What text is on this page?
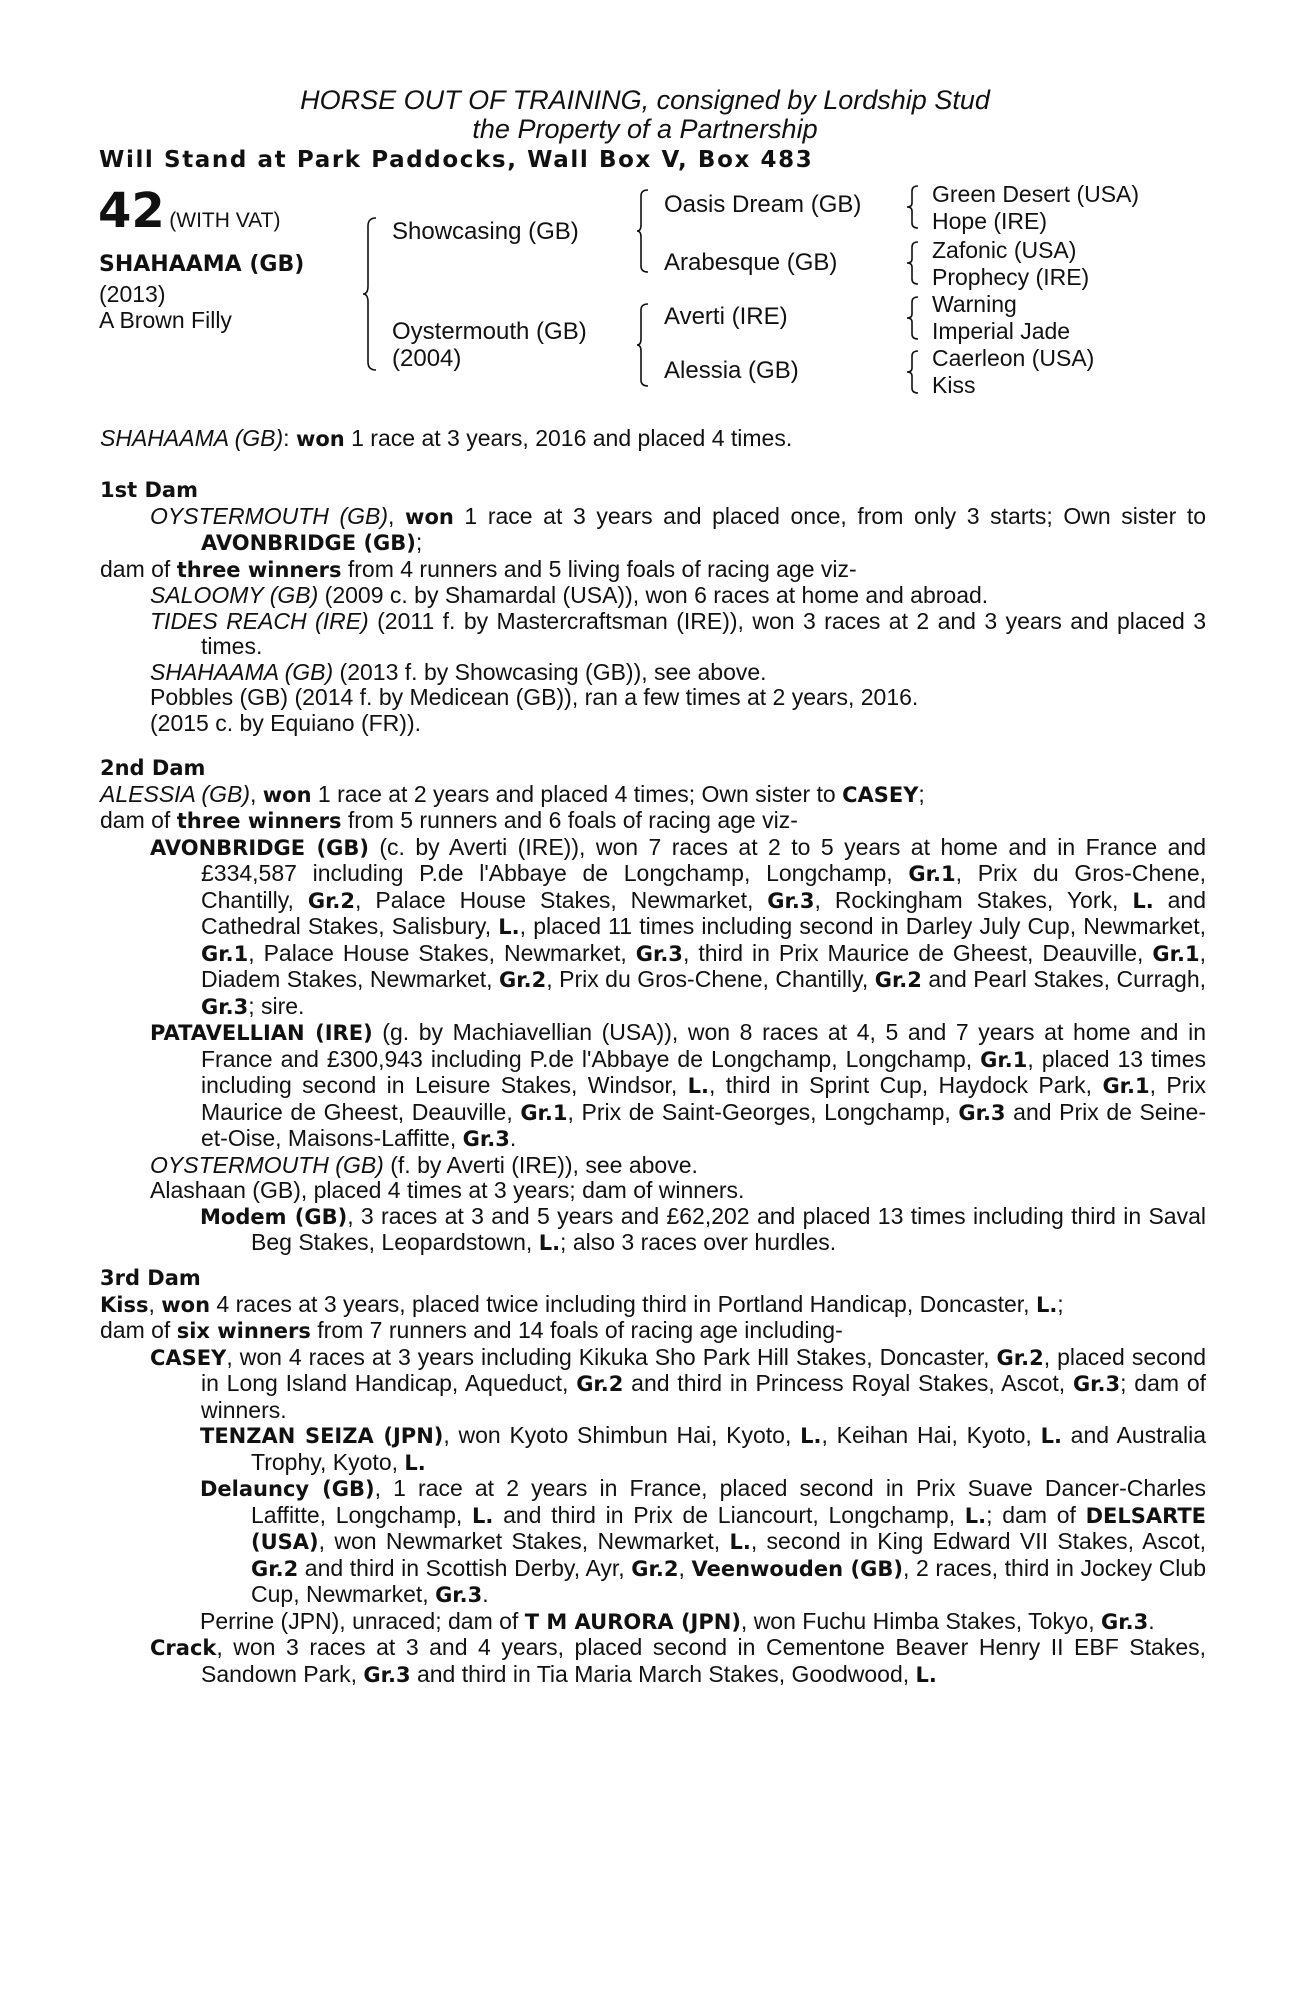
HORSE OUT OF TRAINING, consigned by Lordship Stud
the Property of a Partnership
Will Stand at Park Paddocks, Wall Box V, Box 483
42 (WITH VAT)
SHAHAAMA (GB)
(2013)
A Brown Filly
Showcasing (GB)
Oystermouth (GB)
(2004)
Oasis Dream (GB)
Arabesque (GB)
Averti (IRE)
Alessia (GB)
Green Desert (USA)
Hope (IRE)
Zafonic (USA)
Prophecy (IRE)
Warning
Imperial Jade
Caerleon (USA)
Kiss

SHAHAAMA (GB): won 1 race at 3 years, 2016 and placed 4 times.

1st Dam

OYSTERMOUTH (GB), won 1 race at 3 years and placed once, from only 3 starts; Own sister to AVONBRIDGE (GB);

dam of three winners from 4 runners and 5 living foals of racing age viz-

SALOOMY (GB) (2009 c. by Shamardal (USA)), won 6 races at home and abroad.

TIDES REACH (IRE) (2011 f. by Mastercraftsman (IRE)), won 3 races at 2 and 3 years and placed 3 times.

SHAHAAMA (GB) (2013 f. by Showcasing (GB)), see above.

Pobbles (GB) (2014 f. by Medicean (GB)), ran a few times at 2 years, 2016.

(2015 c. by Equiano (FR)).

2nd Dam

ALESSIA (GB), won 1 race at 2 years and placed 4 times; Own sister to CASEY;

dam of three winners from 5 runners and 6 foals of racing age viz-

AVONBRIDGE (GB) (c. by Averti (IRE)), won 7 races at 2 to 5 years at home and in France and £334,587 including P.de l'Abbaye de Longchamp, Longchamp, Gr.1, Prix du Gros-Chene, Chantilly, Gr.2, Palace House Stakes, Newmarket, Gr.3, Rockingham Stakes, York, L. and Cathedral Stakes, Salisbury, L., placed 11 times including second in Darley July Cup, Newmarket, Gr.1, Palace House Stakes, Newmarket, Gr.3, third in Prix Maurice de Gheest, Deauville, Gr.1, Diadem Stakes, Newmarket, Gr.2, Prix du Gros-Chene, Chantilly, Gr.2 and Pearl Stakes, Curragh, Gr.3; sire.

PATAVELLIAN (IRE) (g. by Machiavellian (USA)), won 8 races at 4, 5 and 7 years at home and in France and £300,943 including P.de l'Abbaye de Longchamp, Longchamp, Gr.1, placed 13 times including second in Leisure Stakes, Windsor, L., third in Sprint Cup, Haydock Park, Gr.1, Prix Maurice de Gheest, Deauville, Gr.1, Prix de Saint-Georges, Longchamp, Gr.3 and Prix de Seine-et-Oise, Maisons-Laffitte, Gr.3.

OYSTERMOUTH (GB) (f. by Averti (IRE)), see above.

Alashaan (GB), placed 4 times at 3 years; dam of winners.

Modem (GB), 3 races at 3 and 5 years and £62,202 and placed 13 times including third in Saval Beg Stakes, Leopardstown, L.; also 3 races over hurdles.

3rd Dam

Kiss, won 4 races at 3 years, placed twice including third in Portland Handicap, Doncaster, L.;

dam of six winners from 7 runners and 14 foals of racing age including-

CASEY, won 4 races at 3 years including Kikuka Sho Park Hill Stakes, Doncaster, Gr.2, placed second in Long Island Handicap, Aqueduct, Gr.2 and third in Princess Royal Stakes, Ascot, Gr.3; dam of winners.

TENZAN SEIZA (JPN), won Kyoto Shimbun Hai, Kyoto, L., Keihan Hai, Kyoto, L. and Australia Trophy, Kyoto, L.

Delauncy (GB), 1 race at 2 years in France, placed second in Prix Suave Dancer-Charles Laffitte, Longchamp, L. and third in Prix de Liancourt, Longchamp, L.; dam of DELSARTE (USA), won Newmarket Stakes, Newmarket, L., second in King Edward VII Stakes, Ascot, Gr.2 and third in Scottish Derby, Ayr, Gr.2, Veenwouden (GB), 2 races, third in Jockey Club Cup, Newmarket, Gr.3.

Perrine (JPN), unraced; dam of T M AURORA (JPN), won Fuchu Himba Stakes, Tokyo, Gr.3.

Crack, won 3 races at 3 and 4 years, placed second in Cementone Beaver Henry II EBF Stakes, Sandown Park, Gr.3 and third in Tia Maria March Stakes, Goodwood, L.
